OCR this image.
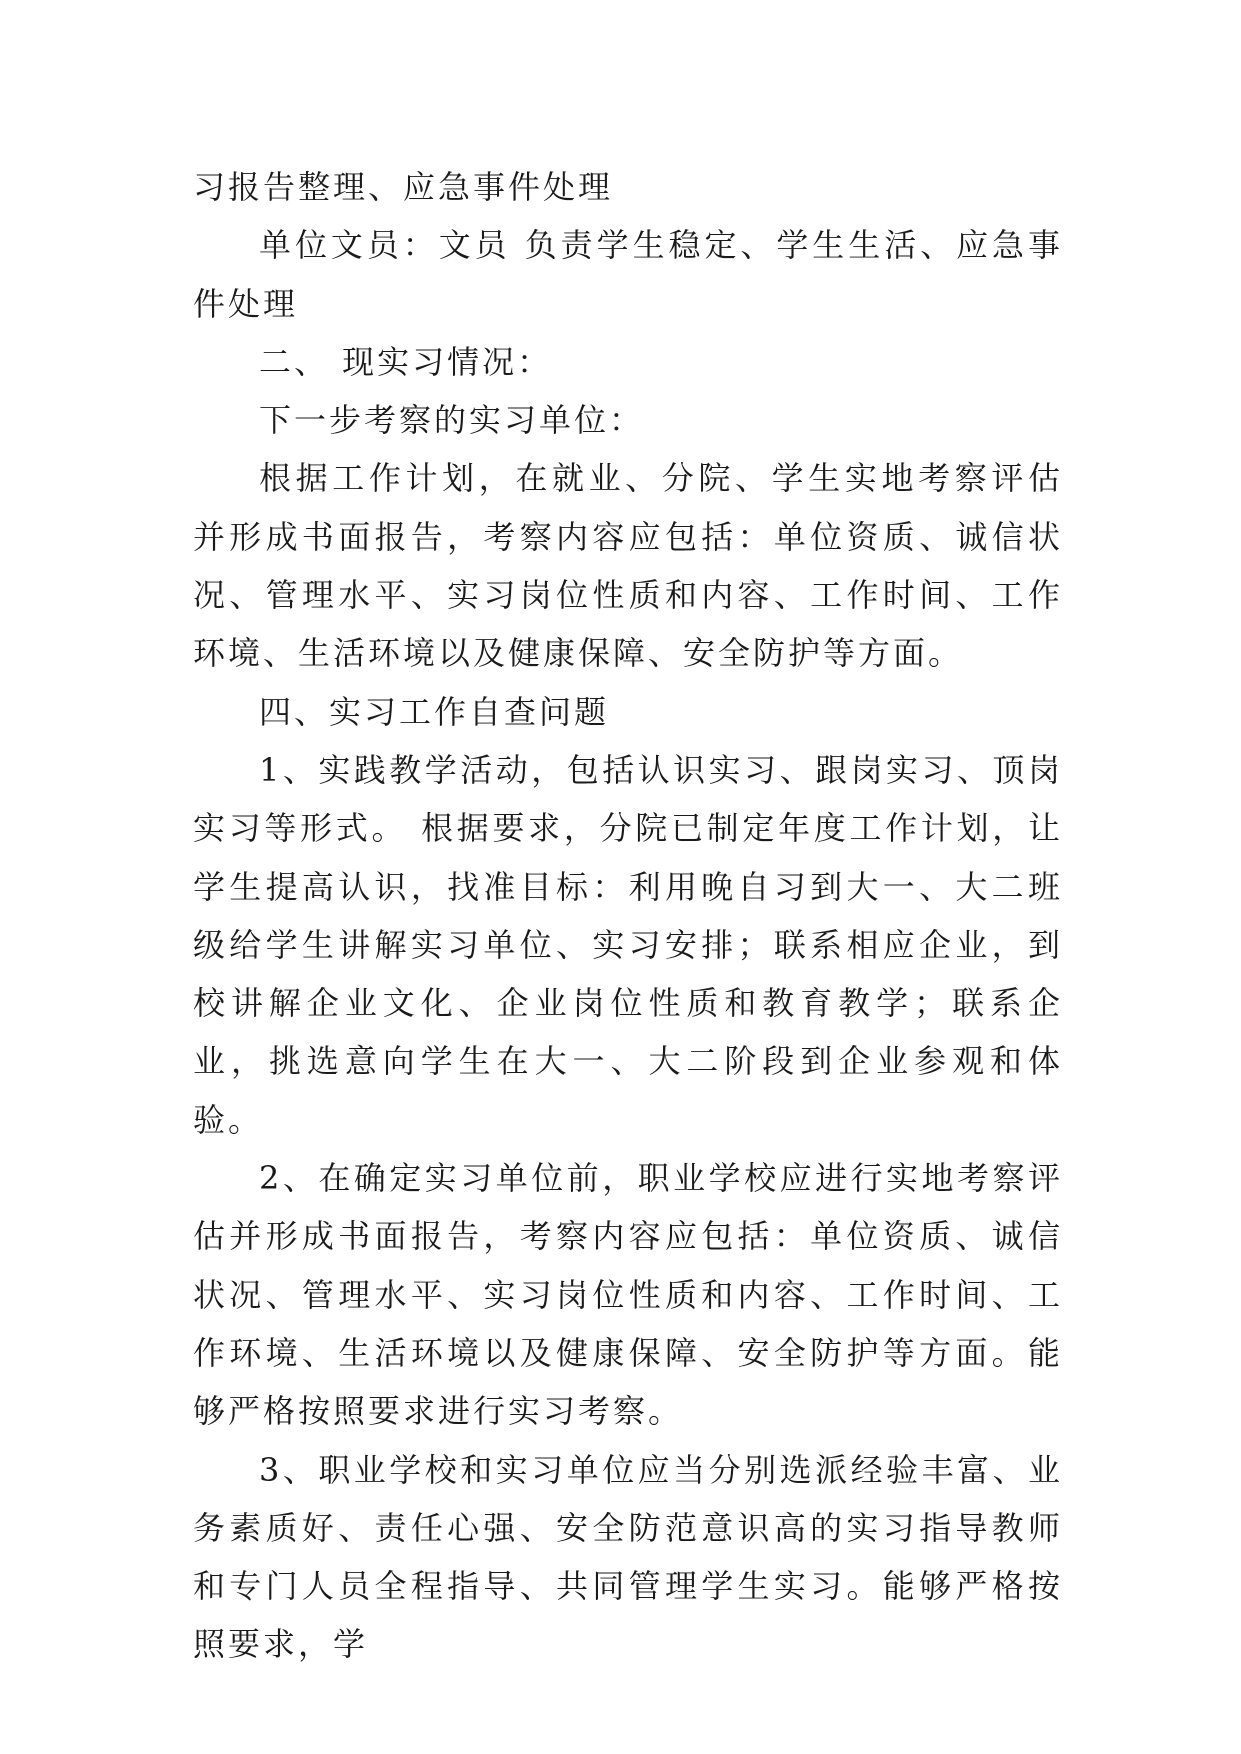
习报告整理、应急事件处理

单位文员：文员 负责学生稳定、学生生活、应急事件处理

二、 现实习情况：

下一步考察的实习单位：

根据工作计划，在就业、分院、学生实地考察评估并形成书面报告，考察内容应包括：单位资质、诚信状况、管理水平、实习岗位性质和内容、工作时间、工作环境、生活环境以及健康保障、安全防护等方面。

四、实习工作自查问题

1、实践教学活动，包括认识实习、跟岗实习、顶岗实习等形式。 根据要求，分院已制定年度工作计划，让学生提高认识，找准目标：利用晚自习到大一、大二班级给学生讲解实习单位、实习安排；联系相应企业，到校讲解企业文化、企业岗位性质和教育教学；联系企业，挑选意向学生在大一、大二阶段到企业参观和体验。

2、在确定实习单位前，职业学校应进行实地考察评估并形成书面报告，考察内容应包括：单位资质、诚信状况、管理水平、实习岗位性质和内容、工作时间、工作环境、生活环境以及健康保障、安全防护等方面。能够严格按照要求进行实习考察。

3、职业学校和实习单位应当分别选派经验丰富、业务素质好、责任心强、安全防范意识高的实习指导教师和专门人员全程指导、共同管理学生实习。能够严格按照要求，学
